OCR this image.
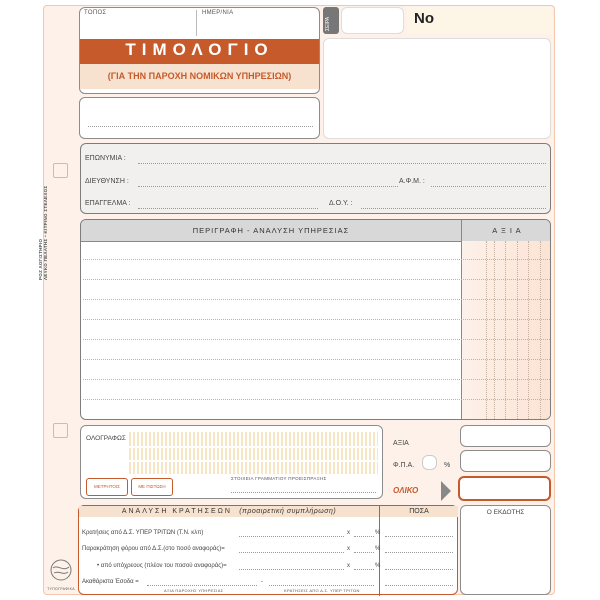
ΡΟΖ ΛΟΓΙΣΤΗΡΙΟ ΛΕΥΚΟ ΠΕΛΑΤΗΣ • ΚΙΤΡΙΝΟ ΣΤΕΛΕΧΟΣ
ΤΥΠΟΓΡΑΦΙΚΑ
ΤΟΠΟΣ	ΗΜΕΡ/ΝΙΑ
ΤΙΜΟΛΟΓΙΟ
(ΓΙΑ ΤΗΝ ΠΑΡΟΧΗ ΝΟΜΙΚΩΝ ΥΠΗΡΕΣΙΩΝ)
ΣΕΙΡΑ	No
ΕΠΩΝΥΜΙΑ :
ΔΙΕΥΘΥΝΣΗ :	Α.Φ.Μ. :
ΕΠΑΓΓΕΛΜΑ :	Δ.Ο.Υ. :
ΠΕΡΙΓΡΑΦΗ - ΑΝΑΛΥΣΗ ΥΠΗΡΕΣΙΑΣ	Α Ξ Ι Α
ΟΛΟΓΡΑΦΩΣ
ΣΤΟΙΧΕΙΑ ΓΡΑΜΜΑΤΙΟΥ ΠΡΟΕΙΣΠΡΑΞΗΣ
ΜΕΤΡΗΤΟΙΣ	ΜΕ ΠΙΣΤΩΣΗ
ΑΞΙΑ
Φ.Π.Α.	%
ΟΛΙΚΟ
ΑΝΑΛΥΣΗ ΚΡΑΤΗΣΕΩΝ (προαιρετική συμπλήρωση)	ΠΟΣΑ
Κρατήσεις από Δ.Σ. ΥΠΕΡ ΤΡΙΤΩΝ (Τ.Ν. κλπ)	x	%
Παρακράτηση φόρου από Δ.Σ.(στο ποσό αναφοράς)=	x	%
• από υπόχρεους (πλέον του ποσού αναφοράς)=	x	%
Ακαθάριστα Έσοδα =	-
ΑΞΙΑ ΠΑΡΟΧΗΣ ΥΠΗΡΕΣΙΑΣ	ΚΡΑΤΗΣΕΙΣ ΑΠΟ Δ.Σ. ΥΠΕΡ ΤΡΙΤΩΝ
Ο ΕΚΔΟΤΗΣ
